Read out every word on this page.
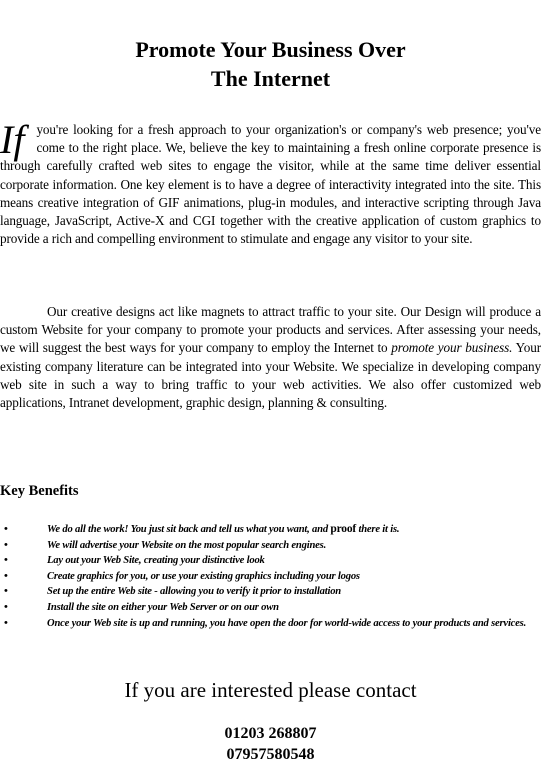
Promote Your Business Over
The Internet

If you're looking for a fresh approach to your organization's or company's web presence; you've come to the right place. We, believe the key to maintaining a fresh online corporate presence is through carefully crafted web sites to engage the visitor, while at the same time deliver essential corporate information. One key element is to have a degree of interactivity integrated into the site. This means creative integration of GIF animations, plug-in modules, and interactive scripting through Java language, JavaScript, Active-X and CGI together with the creative application of custom graphics to provide a rich and compelling environment to stimulate and engage any visitor to your site.

Our creative designs act like magnets to attract traffic to your site. Our Design will produce a custom Website for your company to promote your products and services. After assessing your needs, we will suggest the best ways for your company to employ the Internet to promote your business. Your existing company literature can be integrated into your Website. We specialize in developing company web site in such a way to bring traffic to your web activities. We also offer customized web applications, Intranet development, graphic design, planning & consulting.

Key Benefits
•	We do all the work! You just sit back and tell us what you want, and proof there it is.
•	We will advertise your Website on the most popular search engines.
•	Lay out your Web Site, creating your distinctive look
•	Create graphics for you, or use your existing graphics including your logos
•	Set up the entire Web site - allowing you to verify it prior to installation
•	Install the site on either your Web Server or on our own
•	Once your Web site is up and running, you have open the door for world-wide access to your products and services.
If you are interested please contact
01203 268807
07957580548
